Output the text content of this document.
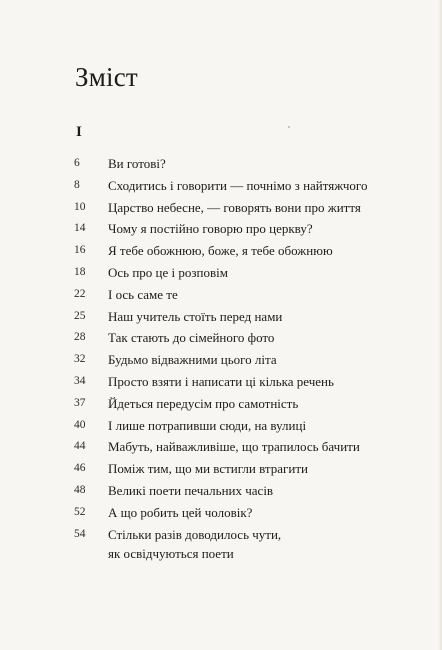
Зміст
I
6	Ви готові?
8	Сходитись і говорити — почнімо з найтяжчого
10	Царство небесне, — говорять вони про життя
14	Чому я постійно говорю про церкву?
16	Я тебе обожнюю, боже, я тебе обожнюю
18	Ось про це і розповім
22	І ось саме те
25	Наш учитель стоїть перед нами
28	Так стають до сімейного фото
32	Будьмо відважними цього літа
34	Просто взяти і написати ці кілька речень
37	Йдеться передусім про самотність
40	І лише потрапивши сюди, на вулиці
44	Мабуть, найважливіше, що трапилось бачити
46	Поміж тим, що ми встигли втрагити
48	Великі поети печальних часів
52	А що робить цей чоловік?
54	Стільки разів доводилось чути,
як освідчуються поети
